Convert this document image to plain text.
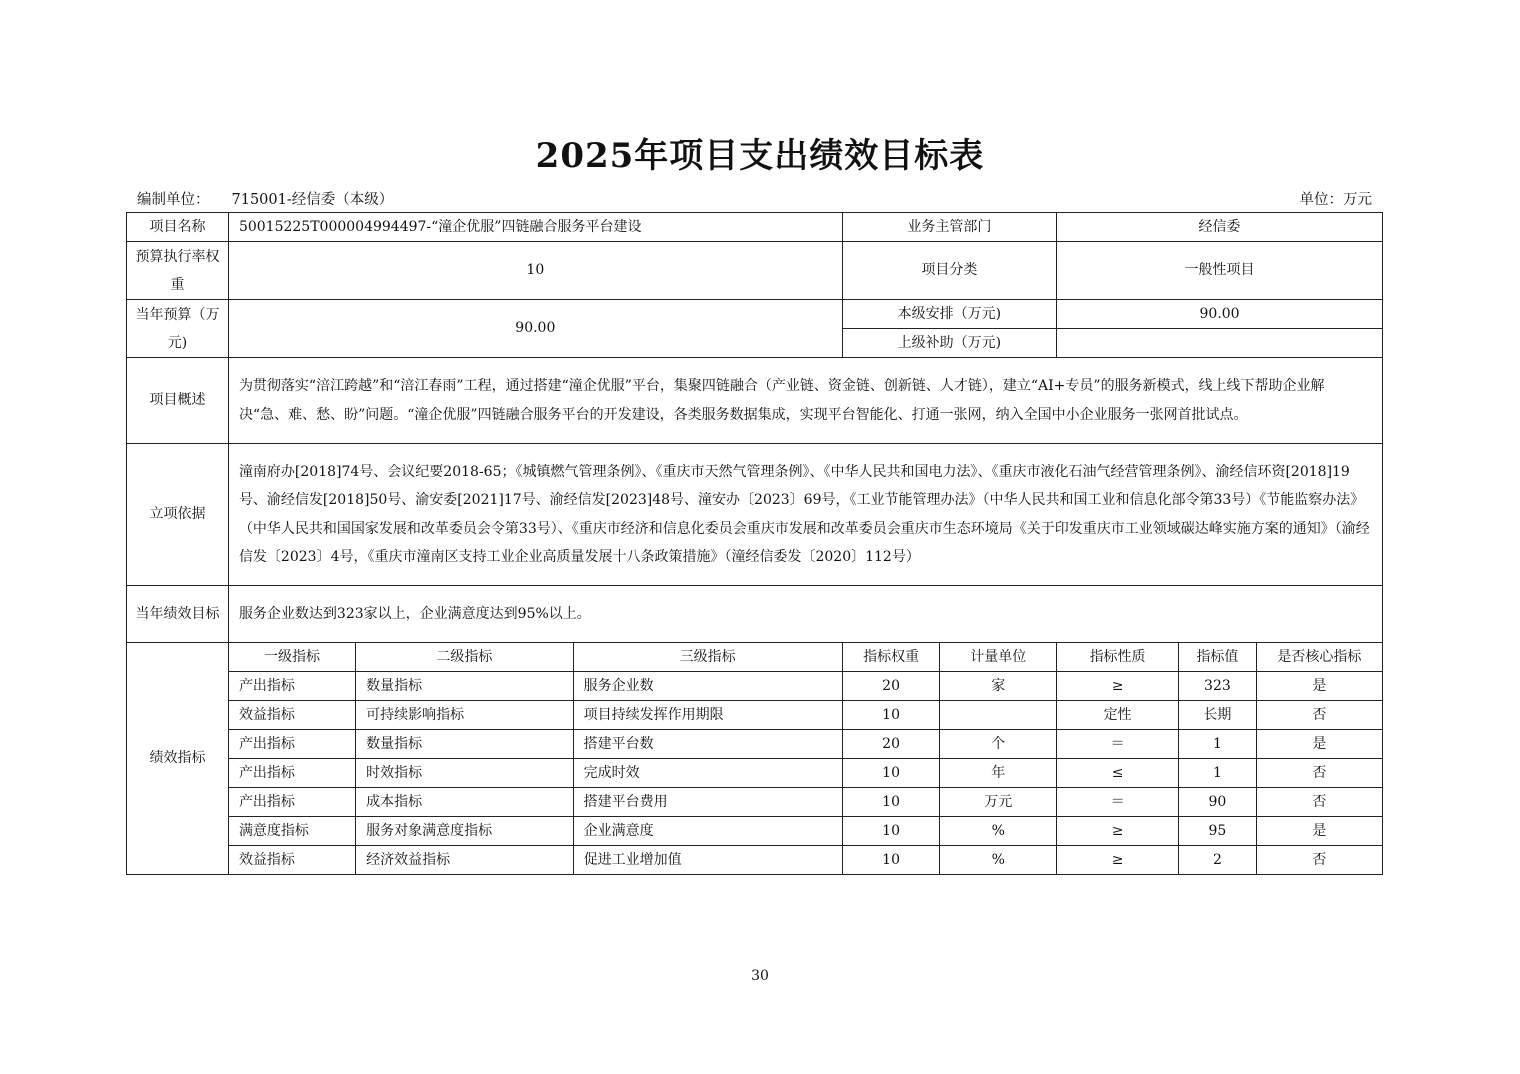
2025年项目支出绩效目标表
编制单位： 715001-经信委（本级）	单位：万元
项目名称	50015225T000004994497-“潼企优服”四链融合服务平台建设			业务主管部门		经信委		
预算执行率权重	10			项目分类		一般性项目		
当年预算（万元)	90.00			本级安排（万元)		90.00		
				上级补助（万元)				
项目概述	为贯彻落实“涪江跨越”和“涪江春雨”工程，通过搭建“潼企优服”平台，集聚四链融合（产业链、资金链、创新链、人才链），建立“AI+专员”的服务新模式，线上线下帮助企业解决“急、难、愁、盼”问题。“潼企优服”四链融合服务平台的开发建设，各类服务数据集成，实现平台智能化、打通一张网，纳入全国中小企业服务一张网首批试点。							
立项依据	潼南府办[2018]74号、会议纪要2018-65；《城镇燃气管理条例》、《重庆市天然气管理条例》、《中华人民共和国电力法》、《重庆市液化石油气经营管理条例》、渝经信环资[2018]19号、渝经信发[2018]50号、渝安委[2021]17号、渝经信发[2023]48号、潼安办〔2023〕69号，《工业节能管理办法》（中华人民共和国工业和信息化部令第33号）《节能监察办法》（中华人民共和国国家发展和改革委员会令第33号）、《重庆市经济和信息化委员会重庆市发展和改革委员会重庆市生态环境局《关于印发重庆市工业领域碳达峰实施方案的通知》（渝经信发〔2023〕4号，《重庆市潼南区支持工业企业高质量发展十八条政策措施》（潼经信委发〔2020〕112号）							
当年绩效目标	服务企业数达到323家以上，企业满意度达到95%以上。							
绩效指标	一级指标	二级指标	三级指标	指标权重	计量单位	指标性质	指标值	是否核心指标
	产出指标	数量指标	服务企业数	20	家	≥	323	是
	效益指标	可持续影响指标	项目持续发挥作用期限	10		定性	长期	否
	产出指标	数量指标	搭建平台数	20	个	＝	1	是
	产出指标	时效指标	完成时效	10	年	≤	1	否
	产出指标	成本指标	搭建平台费用	10	万元	＝	90	否
	满意度指标	服务对象满意度指标	企业满意度	10	%	≥	95	是
	效益指标	经济效益指标	促进工业增加值	10	%	≥	2	否
30
